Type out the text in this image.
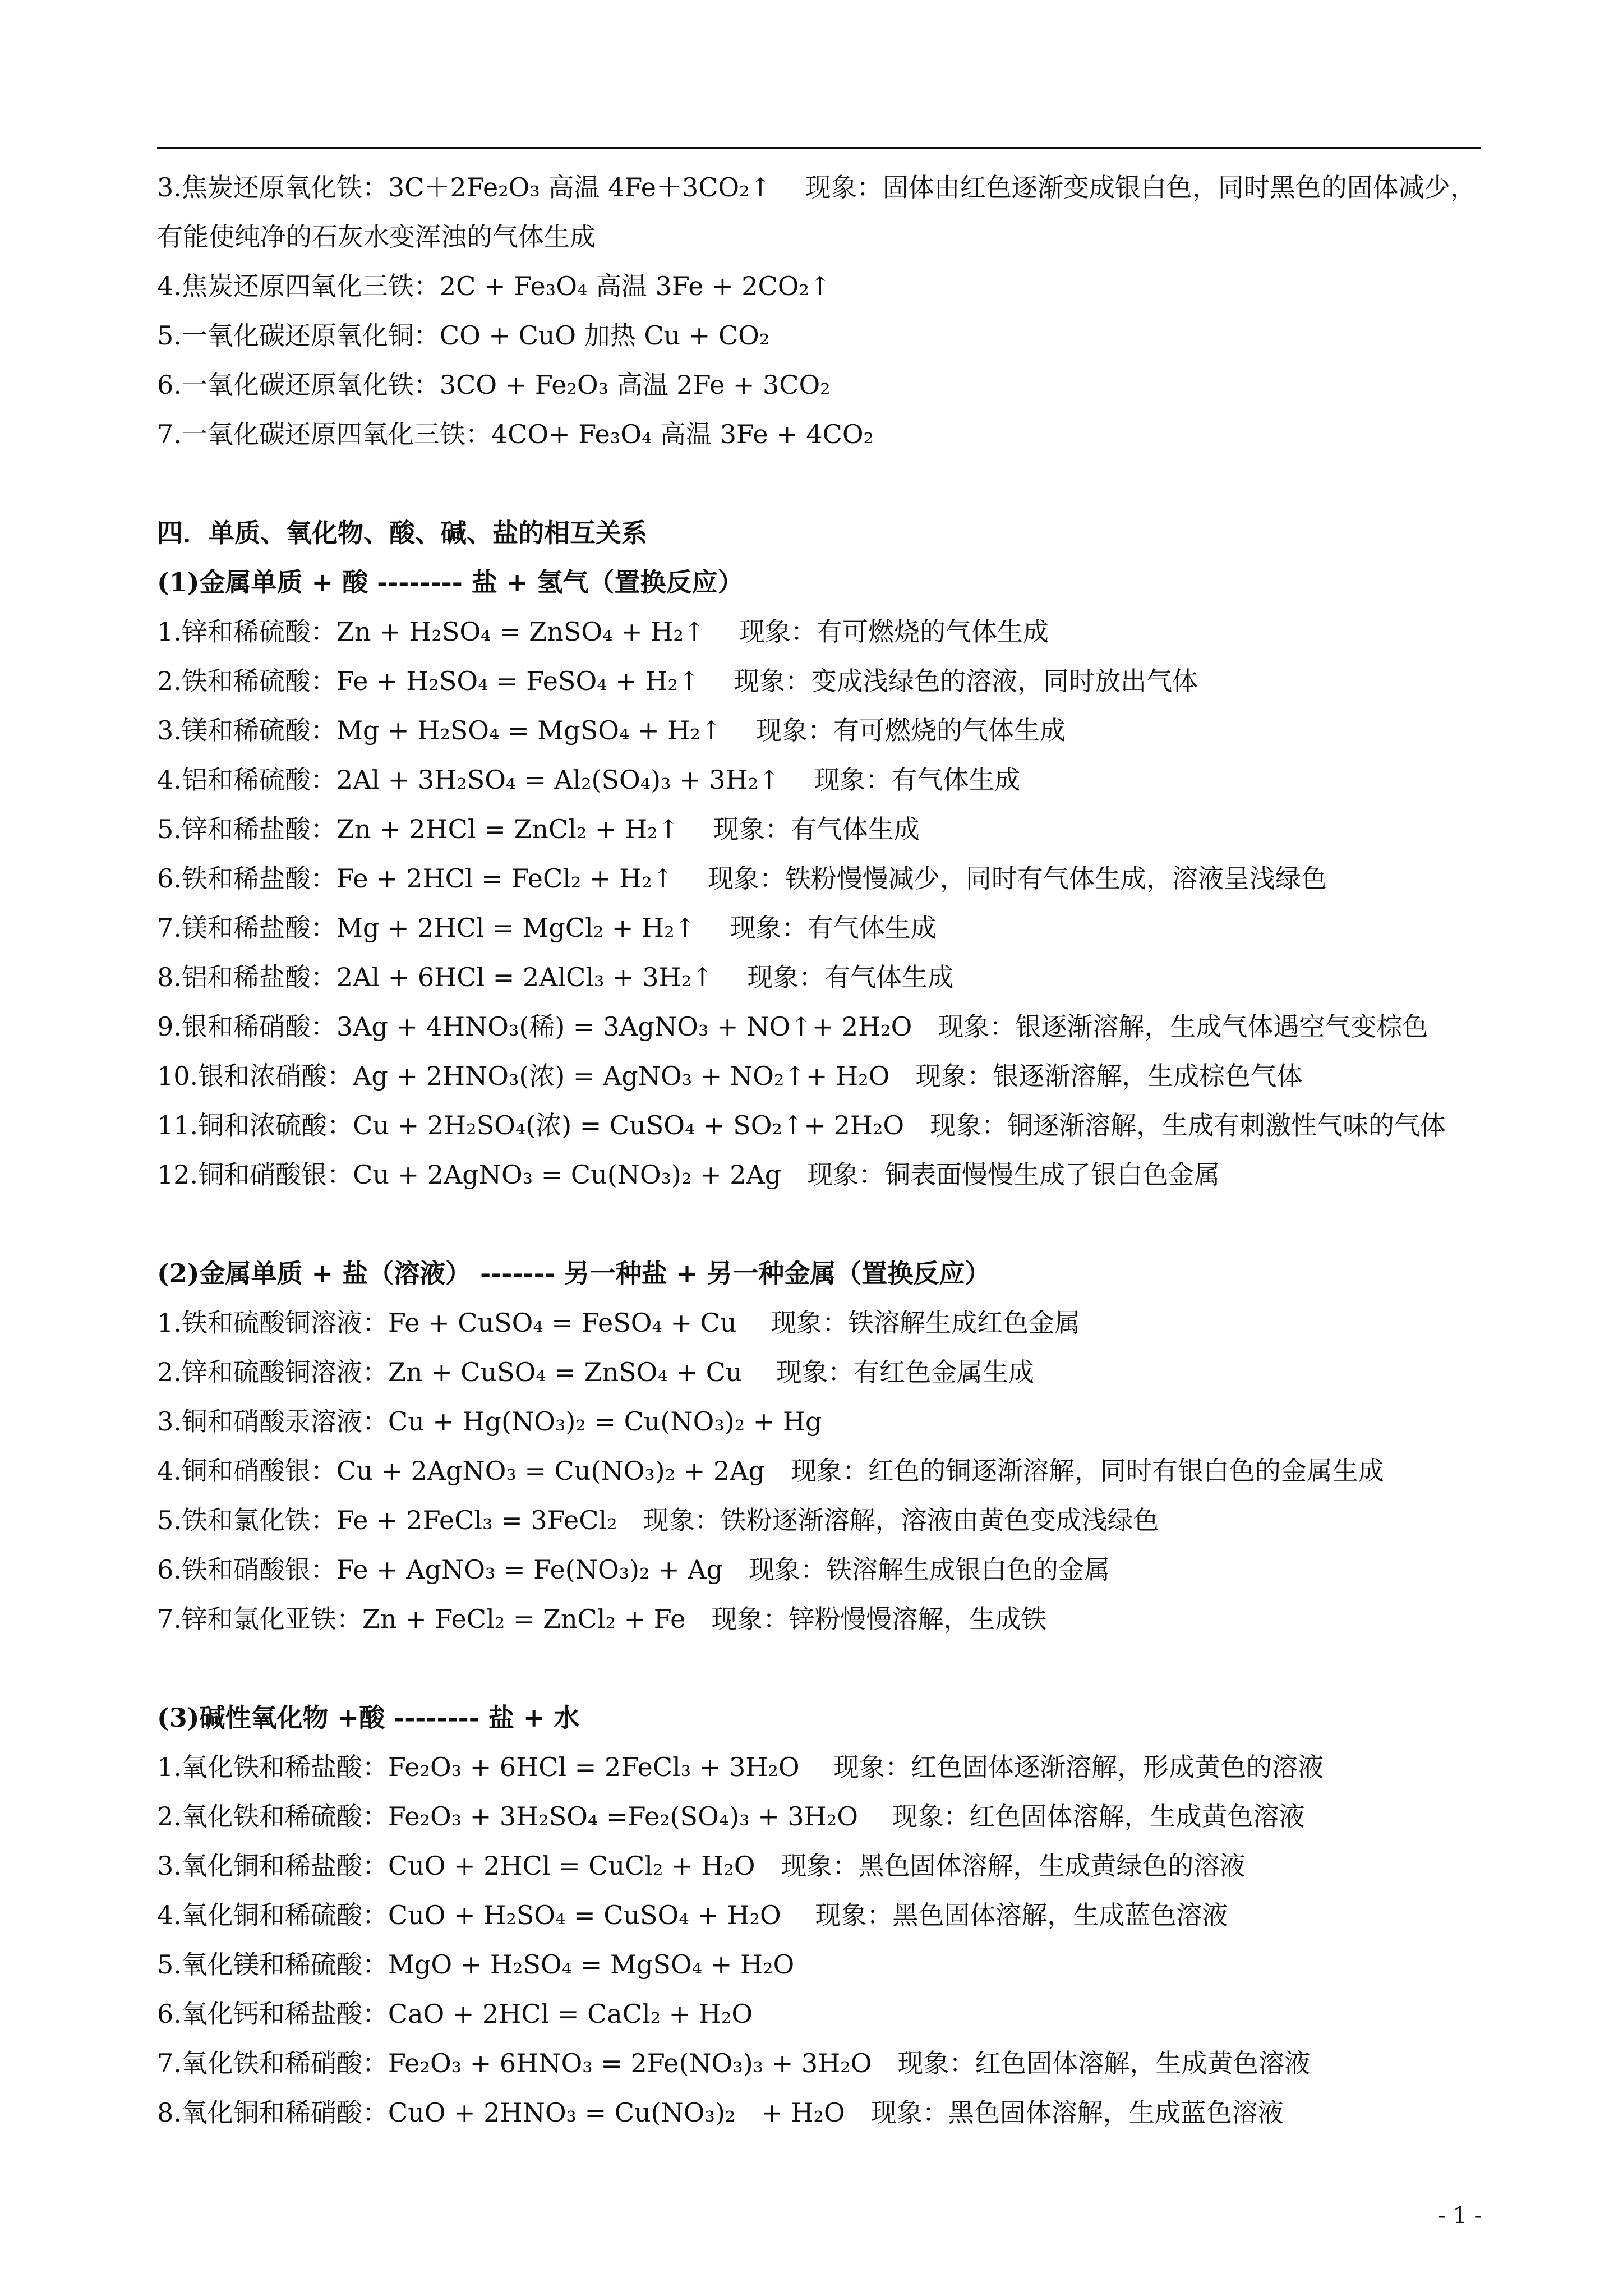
3.焦炭还原氧化铁：3C＋2Fe₂O₃ 高温 4Fe＋3CO₂↑　 现象：固体由红色逐渐变成银白色，同时黑色的固体减少，有能使纯净的石灰水变浑浊的气体生成
4.焦炭还原四氧化三铁：2C + Fe₃O₄ 高温 3Fe + 2CO₂↑
5.一氧化碳还原氧化铜：CO + CuO 加热 Cu + CO₂
6.一氧化碳还原氧化铁：3CO + Fe₂O₃ 高温 2Fe + 3CO₂
7.一氧化碳还原四氧化三铁：4CO+ Fe₃O₄ 高温 3Fe + 4CO₂
四．单质、氧化物、酸、碱、盐的相互关系
(1)金属单质 + 酸 -------- 盐 + 氢气（置换反应）
1.锌和稀硫酸：Zn + H₂SO₄ = ZnSO₄ + H₂↑　 现象：有可燃烧的气体生成
2.铁和稀硫酸：Fe + H₂SO₄ = FeSO₄ + H₂↑　 现象：变成浅绿色的溶液，同时放出气体
3.镁和稀硫酸：Mg + H₂SO₄ = MgSO₄ + H₂↑　 现象：有可燃烧的气体生成
4.铝和稀硫酸：2Al + 3H₂SO₄ = Al₂(SO₄)₃ + 3H₂↑　 现象：有气体生成
5.锌和稀盐酸：Zn + 2HCl = ZnCl₂ + H₂↑　 现象：有气体生成
6.铁和稀盐酸：Fe + 2HCl = FeCl₂ + H₂↑　 现象：铁粉慢慢减少，同时有气体生成，溶液呈浅绿色
7.镁和稀盐酸：Mg + 2HCl = MgCl₂ + H₂↑　 现象：有气体生成
8.铝和稀盐酸：2Al + 6HCl = 2AlCl₃ + 3H₂↑　 现象：有气体生成
9.银和稀硝酸：3Ag + 4HNO₃(稀) = 3AgNO₃ + NO↑+ 2H₂O　现象：银逐渐溶解，生成气体遇空气变棕色
10.银和浓硝酸：Ag + 2HNO₃(浓) = AgNO₃ + NO₂↑+ H₂O　现象：银逐渐溶解，生成棕色气体
11.铜和浓硫酸：Cu + 2H₂SO₄(浓) = CuSO₄ + SO₂↑+ 2H₂O　现象：铜逐渐溶解，生成有刺激性气味的气体
12.铜和硝酸银：Cu + 2AgNO₃ = Cu(NO₃)₂ + 2Ag　现象：铜表面慢慢生成了银白色金属
(2)金属单质 + 盐（溶液） ------- 另一种盐 + 另一种金属（置换反应）
1.铁和硫酸铜溶液：Fe + CuSO₄ = FeSO₄ + Cu　 现象：铁溶解生成红色金属
2.锌和硫酸铜溶液：Zn + CuSO₄ = ZnSO₄ + Cu　 现象：有红色金属生成
3.铜和硝酸汞溶液：Cu + Hg(NO₃)₂ = Cu(NO₃)₂ + Hg
4.铜和硝酸银：Cu + 2AgNO₃ = Cu(NO₃)₂ + 2Ag　现象：红色的铜逐渐溶解，同时有银白色的金属生成
5.铁和氯化铁：Fe + 2FeCl₃ = 3FeCl₂　现象：铁粉逐渐溶解，溶液由黄色变成浅绿色
6.铁和硝酸银：Fe + AgNO₃ = Fe(NO₃)₂ + Ag　现象：铁溶解生成银白色的金属
7.锌和氯化亚铁：Zn + FeCl₂ = ZnCl₂ + Fe　现象：锌粉慢慢溶解，生成铁
(3)碱性氧化物 +酸 -------- 盐 + 水
1.氧化铁和稀盐酸：Fe₂O₃ + 6HCl = 2FeCl₃ + 3H₂O　 现象：红色固体逐渐溶解，形成黄色的溶液
2.氧化铁和稀硫酸：Fe₂O₃ + 3H₂SO₄ =Fe₂(SO₄)₃ + 3H₂O　 现象：红色固体溶解，生成黄色溶液
3.氧化铜和稀盐酸：CuO + 2HCl = CuCl₂ + H₂O　现象：黑色固体溶解，生成黄绿色的溶液
4.氧化铜和稀硫酸：CuO + H₂SO₄ = CuSO₄ + H₂O　 现象：黑色固体溶解，生成蓝色溶液
5.氧化镁和稀硫酸：MgO + H₂SO₄ = MgSO₄ + H₂O
6.氧化钙和稀盐酸：CaO + 2HCl = CaCl₂ + H₂O
7.氧化铁和稀硝酸：Fe₂O₃ + 6HNO₃ = 2Fe(NO₃)₃ + 3H₂O　现象：红色固体溶解，生成黄色溶液
8.氧化铜和稀硝酸：CuO + 2HNO₃ = Cu(NO₃)₂　+ H₂O　现象：黑色固体溶解，生成蓝色溶液
- 1 -
